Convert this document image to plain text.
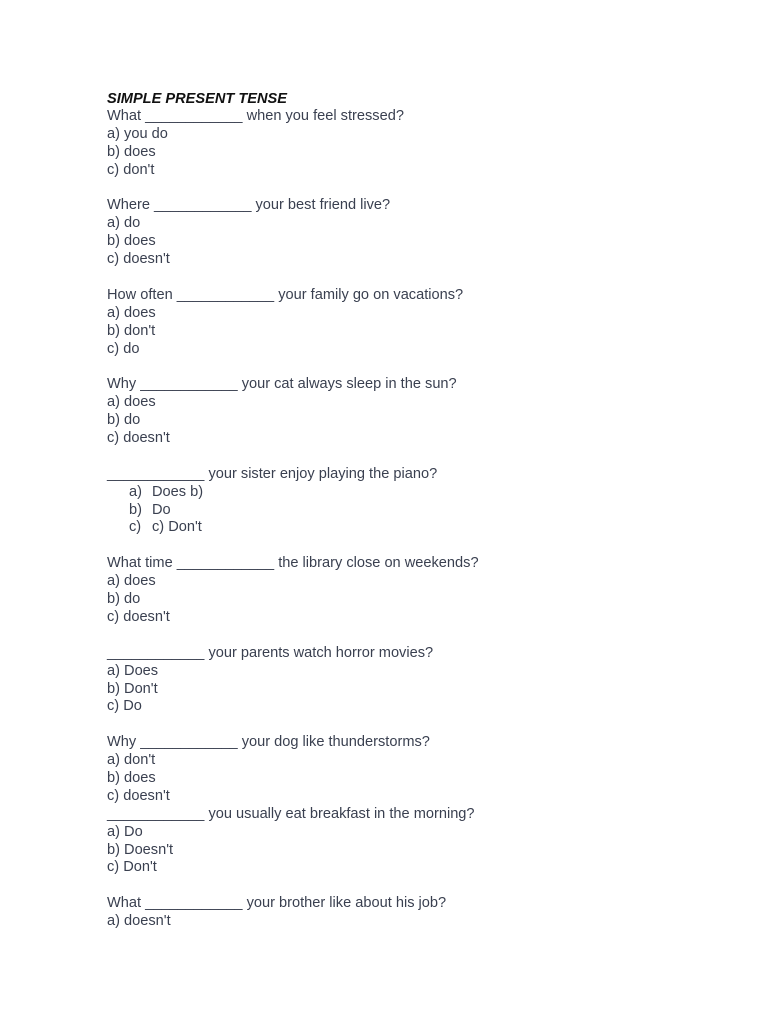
SIMPLE PRESENT TENSE
What ____________ when you feel stressed?
a) you do
b) does
c) don't
Where ____________ your best friend live?
a) do
b) does
c) doesn't
How often ____________ your family go on vacations?
a) does
b) don't
c) do
Why ____________ your cat always sleep in the sun?
a) does
b) do
c) doesn't
____________ your sister enjoy playing the piano?
a) Does b)
b) Do
c) c) Don't
What time ____________ the library close on weekends?
a) does
b) do
c) doesn't
____________ your parents watch horror movies?
a) Does
b) Don't
c) Do
Why ____________ your dog like thunderstorms?
a) don't
b) does
c) doesn't
____________ you usually eat breakfast in the morning?
a) Do
b) Doesn't
c) Don't
What ____________ your brother like about his job?
a) doesn't
